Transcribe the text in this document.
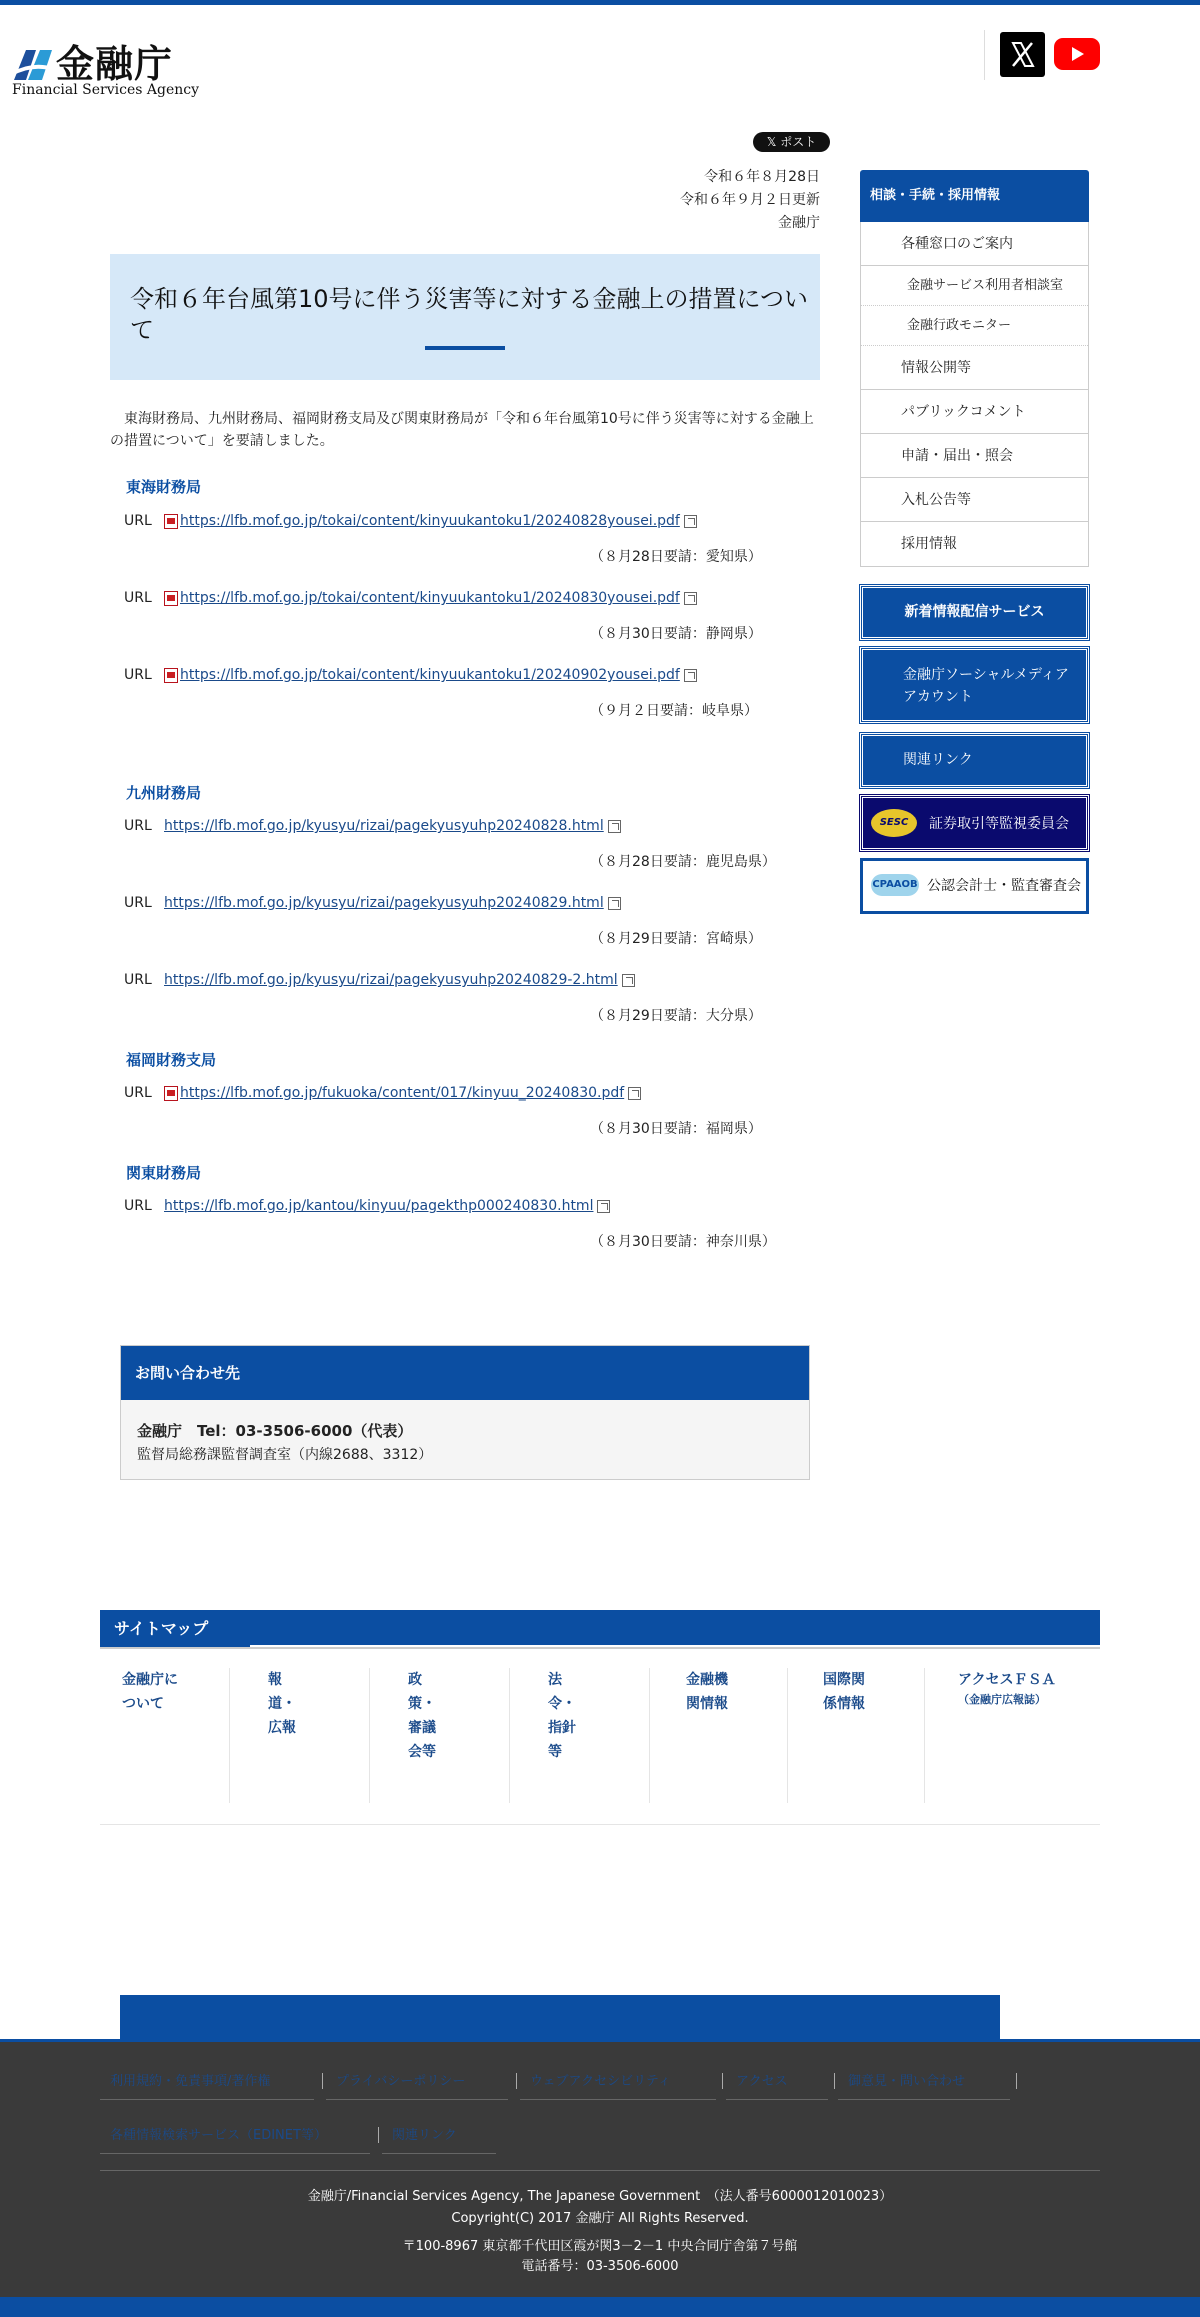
金融庁
Financial Services Agency
𝕏 ポスト
令和６年８月28日
令和６年９月２日更新
金融庁
令和６年台風第10号に伴う災害等に対する金融上の措置について

東海財務局、九州財務局、福岡財務支局及び関東財務局が「令和６年台風第10号に伴う災害等に対する金融上の措置について」を要請しました。

東海財務局
URL https://lfb.mof.go.jp/tokai/content/kinyuukantoku1/20240828yousei.pdf
（８月28日要請：愛知県）
URL https://lfb.mof.go.jp/tokai/content/kinyuukantoku1/20240830yousei.pdf
（８月30日要請：静岡県）
URL https://lfb.mof.go.jp/tokai/content/kinyuukantoku1/20240902yousei.pdf
（９月２日要請：岐阜県）
九州財務局
URL https://lfb.mof.go.jp/kyusyu/rizai/pagekyusyuhp20240828.html
（８月28日要請：鹿児島県）
URL https://lfb.mof.go.jp/kyusyu/rizai/pagekyusyuhp20240829.html
（８月29日要請：宮崎県）
URL https://lfb.mof.go.jp/kyusyu/rizai/pagekyusyuhp20240829-2.html
（８月29日要請：大分県）
福岡財務支局
URL https://lfb.mof.go.jp/fukuoka/content/017/kinyuu_20240830.pdf
（８月30日要請：福岡県）
関東財務局
URL https://lfb.mof.go.jp/kantou/kinyuu/pagekthp000240830.html
（８月30日要請：神奈川県）
お問い合わせ先
金融庁　Tel：03-3506-6000（代表）
監督局総務課監督調査室（内線2688、3312）
相談・手続・採用情報
各種窓口のご案内
金融サービス利用者相談室
金融行政モニター
情報公開等
パブリックコメント
申請・届出・照会
入札公告等
採用情報
新着情報配信サービス
金融庁ソーシャルメディアアカウント
関連リンク
SESC	証券取引等監視委員会
CPAAOB 公認会計士・監査審査会
サイトマップ
金融庁について
報道・広報
政策・審議会等
法令・指針等
金融機関情報
国際関係情報
アクセスＦＳＡ
（金融庁広報誌）
利用規約・免責事項/著作権	プライバシーポリシー	ウェブアクセシビリティ	アクセス	御意見・問い合わせ
各種情報検索サービス（EDINET等）	関連リンク
金融庁/Financial Services Agency, The Japanese Government　（法人番号6000012010023）
Copyright(C) 2017 金融庁 All Rights Reserved.
〒100-8967 東京都千代田区霞が関3－2－1 中央合同庁舎第７号館
電話番号：03-3506-6000
